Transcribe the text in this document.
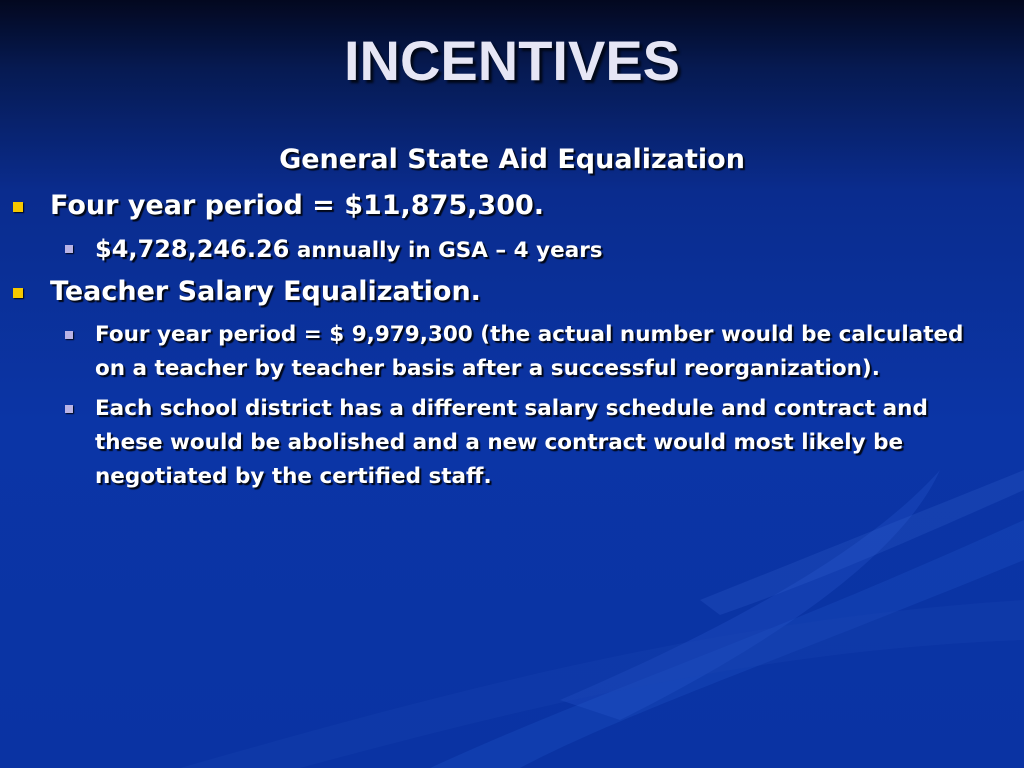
INCENTIVES
General State Aid Equalization
Four year period = $11,875,300.
$4,728,246.26 annually in GSA – 4 years
Teacher Salary Equalization.
Four year period = $ 9,979,300 (the actual number would be calculated on a teacher by teacher basis after a successful reorganization).
Each school district has a different salary schedule and contract and these would be abolished and a new contract would most likely be negotiated by the certified staff.
